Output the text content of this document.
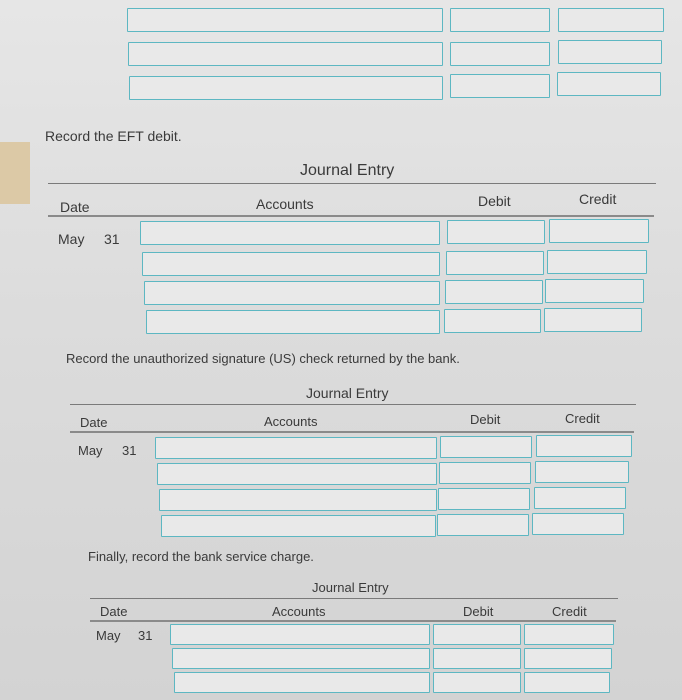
Record the EFT debit.
Journal Entry
Date	Accounts	Debit	Credit
May 31
Record the unauthorized signature (US) check returned by the bank.
Journal Entry
Date	Accounts	Debit	Credit
May 31
Finally, record the bank service charge.
Journal Entry
Date	Accounts	Debit	Credit
May 31
